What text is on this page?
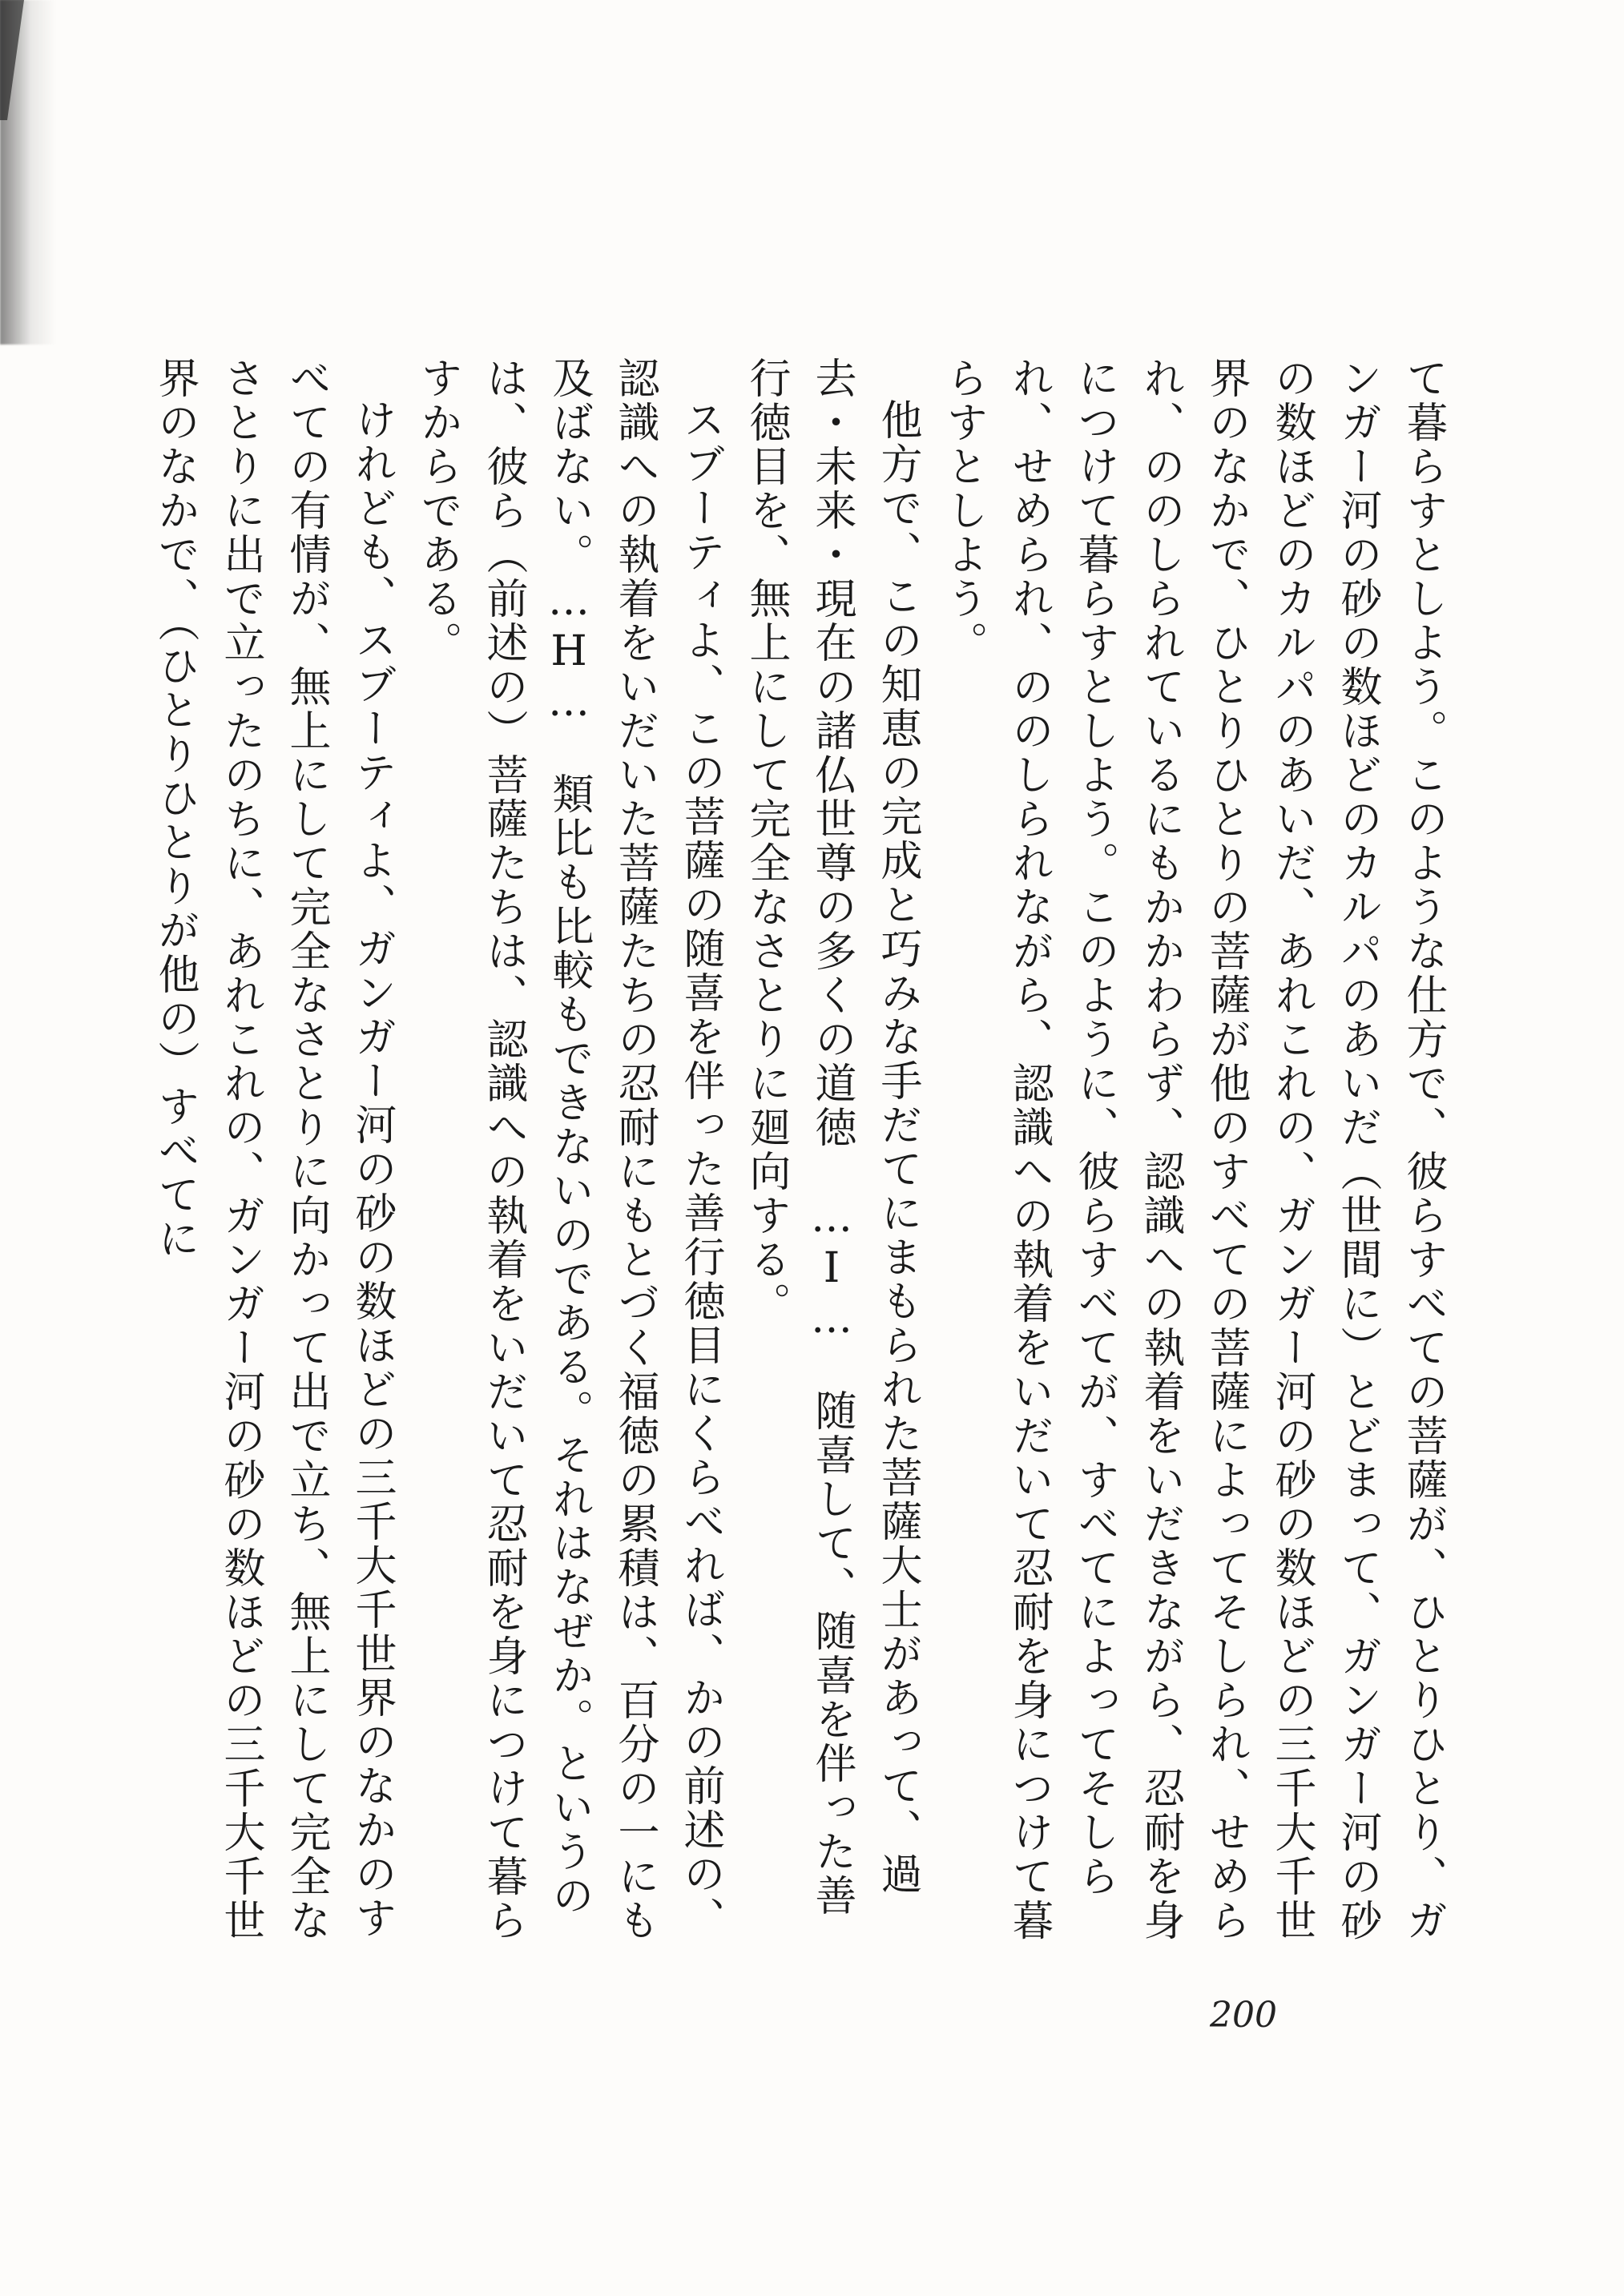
て暮らすとしよう。このような仕方で、彼らすべての菩薩が、ひとりひとり、ガンガー河の砂の数ほどのカルパのあいだ（世間に）とどまって、ガンガー河の砂の数ほどのカルパのあいだ、あれこれの、ガンガー河の砂の数ほどの三千大千世界のなかで、ひとりひとりの菩薩が他のすべての菩薩によってそしられ、せめられ、ののしられているにもかかわらず、認識への執着をいだきながら、忍耐を身につけて暮らすとしよう。このように、彼らすべてが、すべてによってそしられ、せめられ、ののしられながら、認識への執着をいだいて忍耐を身につけて暮らすとしよう。

他方で、この知恵の完成と巧みな手だてにまもられた菩薩大士があって、過去・未来・現在の諸仏世尊の多くの道徳　…I…　随喜して、随喜を伴った善行徳目を、無上にして完全なさとりに廻向する。

スブーティよ、この菩薩の随喜を伴った善行徳目にくらべれば、かの前述の、認識への執着をいだいた菩薩たちの忍耐にもとづく福徳の累積は、百分の一にも及ばない。…H…　類比も比較もできないのである。それはなぜか。というのは、彼ら（前述の）菩薩たちは、認識への執着をいだいて忍耐を身につけて暮らすからである。

けれども、スブーティよ、ガンガー河の砂の数ほどの三千大千世界のなかのすべての有情が、無上にして完全なさとりに向かって出で立ち、無上にして完全なさとりに出で立ったのちに、あれこれの、ガンガー河の砂の数ほどの三千大千世界のなかで、（ひとりひとりが他の）すべてに

200
